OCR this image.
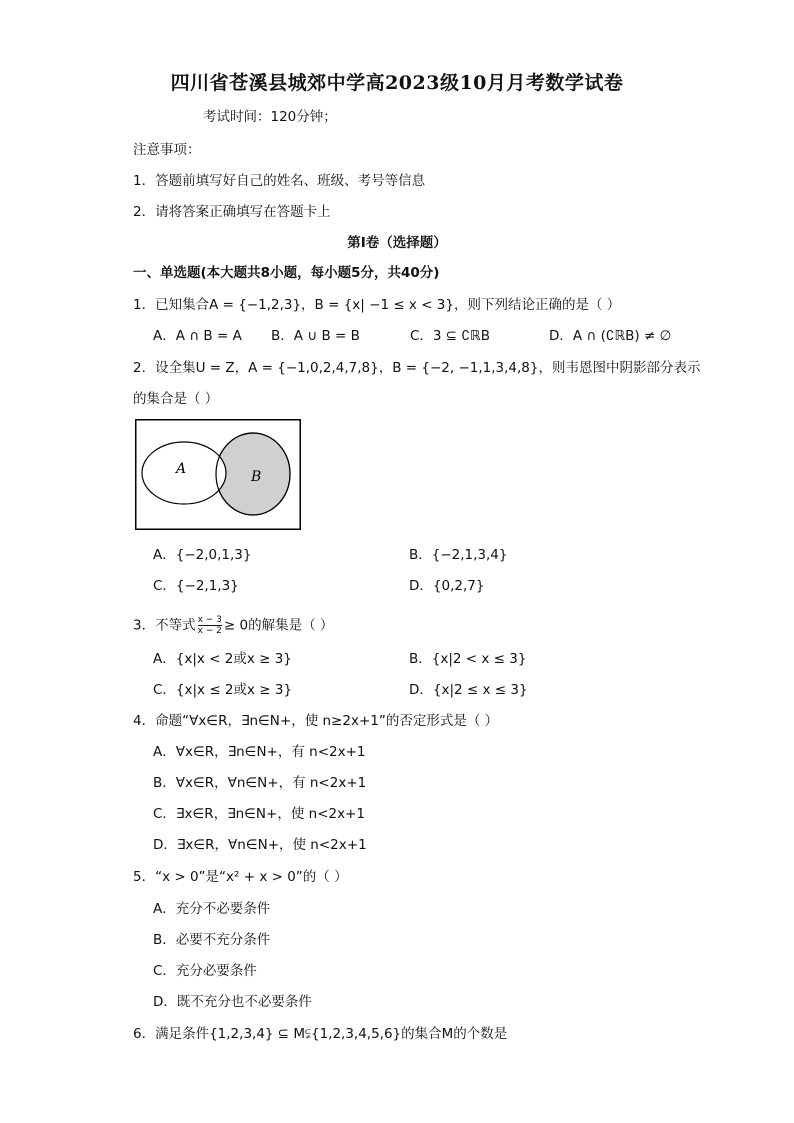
四川省苍溪县城郊中学高2023级10月月考数学试卷
考试时间：120分钟；
注意事项：
1．答题前填写好自己的姓名、班级、考号等信息
2．请将答案正确填写在答题卡上
第I卷（选择题）
一、单选题(本大题共8小题，每小题5分，共40分)
1．已知集合A = {−1,2,3}，B = {x| −1 ≤ x < 3}，则下列结论正确的是（ ）
A．A ∩ B = A B．A ∪ B = B	C．3 ⊆ ∁ℝB	D．A ∩ (∁ℝB) ≠ ∅
2．设全集U = Z，A = {−1,0,2,4,7,8}，B = {−2, −1,1,3,4,8}，则韦恩图中阴影部分表示
的集合是（ ）
A	B
A．{−2,0,1,3}	B．{−2,1,3,4}
C．{−2,1,3}	D．{0,2,7}
3．不等式 $\frac{x - 3}{x - 2} \ge 0$的解集是（ ）
A．{x|x < 2或x ≥ 3}	B．{x|2 < x ≤ 3}
C．{x|x ≤ 2或x ≥ 3}	D．{x|2 ≤ x ≤ 3}
4．命题“∀x∈R，∃n∈N+，使 n≥2x+1”的否定形式是（ ）
A．∀x∈R，∃n∈N+，有 n<2x+1
B．∀x∈R，∀n∈N+，有 n<2x+1
C．∃x∈R，∃n∈N+，使 n<2x+1
D．∃x∈R，∀n∈N+，使 n<2x+1
5．“x > 0”是“x² + x > 0”的（ ）
A．充分不必要条件
B．必要不充分条件
C．充分必要条件
D．既不充分也不必要条件
6．满足条件{1,2,3,4} ⊆ M⫋{1,2,3,4,5,6}的集合M的个数是
